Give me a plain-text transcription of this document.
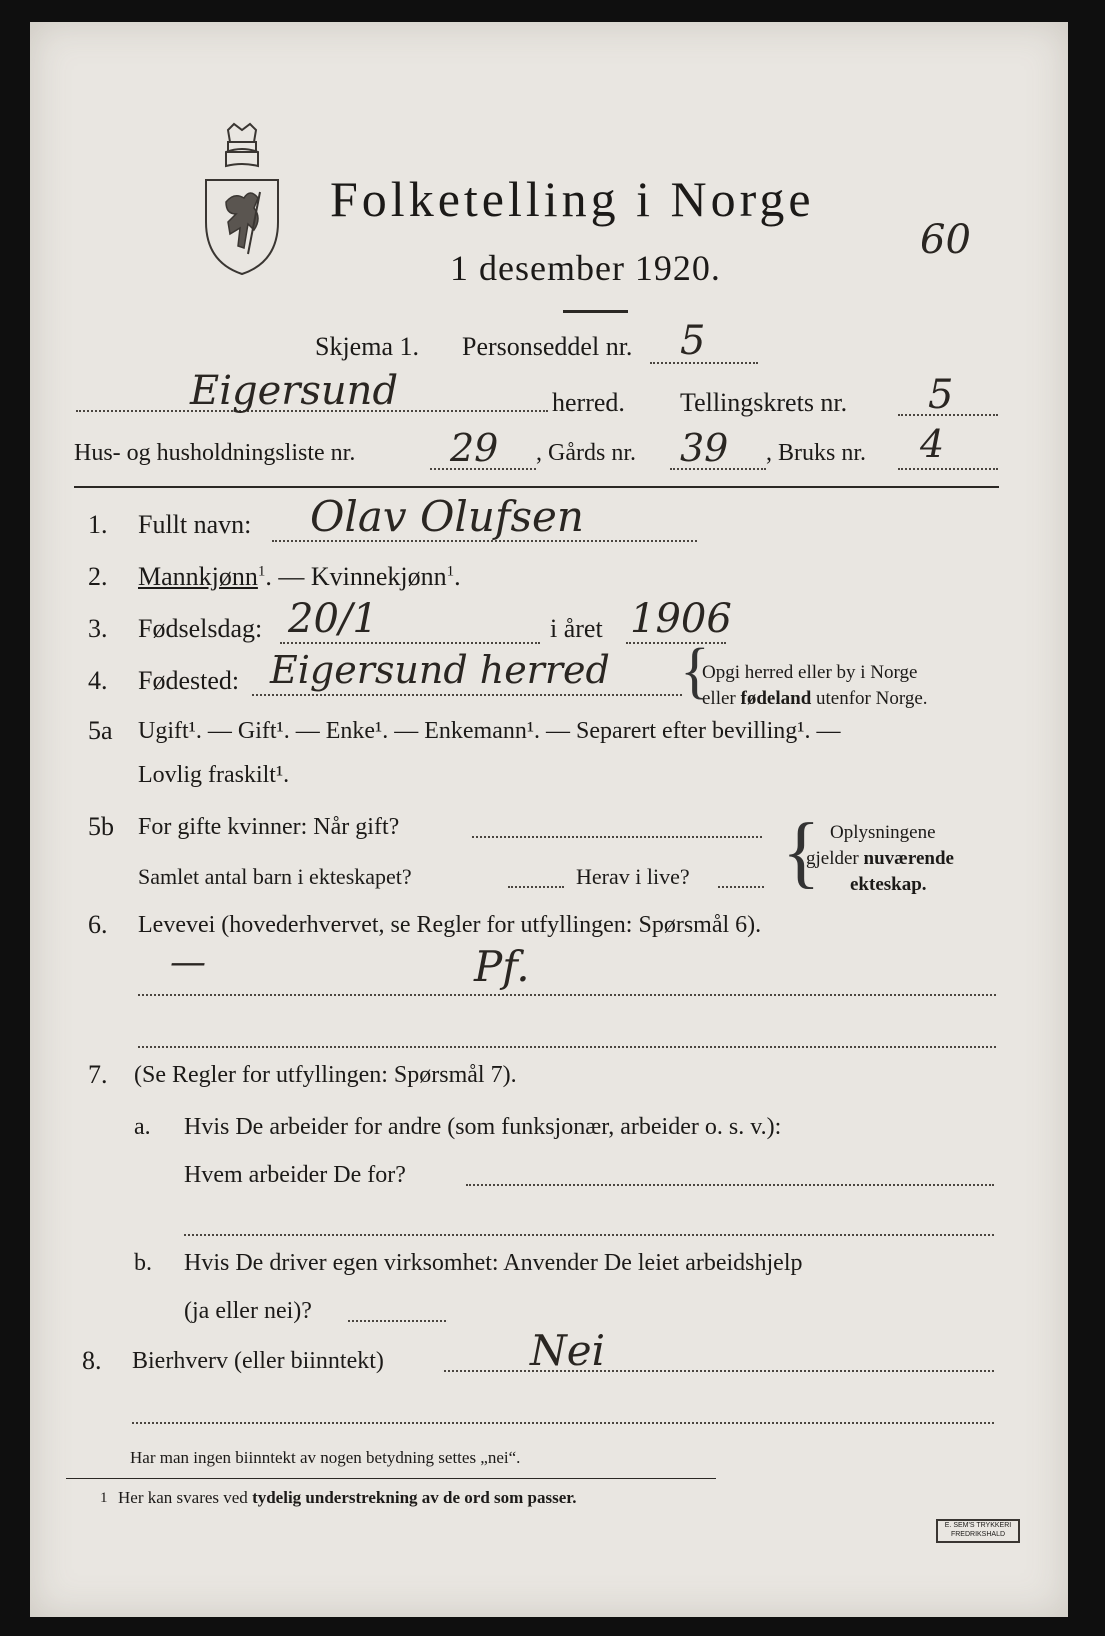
Folketelling i Norge
1 desember 1920.
60
Skjema 1. Personseddel nr. 5
Eigersund	herred. Tellingskrets nr. 5
Hus- og husholdningsliste nr. 29 , Gårds nr. 39 , Bruks nr. 4
1. Fullt navn: Olav Olufsen
2. Mannkjønn$^1$. — Kvinnekjønn$^1$.
3. Fødselsdag: 20/1	i året 1906
4. Fødested: Eigersund herred {
Opgi herred eller by i Norge
eller fødeland utenfor Norge.
5a Ugift¹. — Gift¹. — Enke¹. — Enkemann¹. — Separert efter bevilling¹. —
Lovlig fraskilt¹.
5b For gifte kvinner: Når gift?
Samlet antal barn i ekteskapet?	Herav i live? { Oplysningene
gjelder nuværende
ekteskap.
6. Levevei (hovederhvervet, se Regler for utfyllingen: Spørsmål 6).
—	Pf.
7. (Se Regler for utfyllingen: Spørsmål 7).
a. Hvis De arbeider for andre (som funksjonær, arbeider o. s. v.):
Hvem arbeider De for?
b. Hvis De driver egen virksomhet: Anvender De leiet arbeidshjelp
(ja eller nei)?
8. Bierhverv (eller biinntekt)	Nei
Har man ingen biinntekt av nogen betydning settes „nei“.
1 Her kan svares ved tydelig understrekning av de ord som passer.
E. SEM'S TRYKKERI FREDRIKSHALD
